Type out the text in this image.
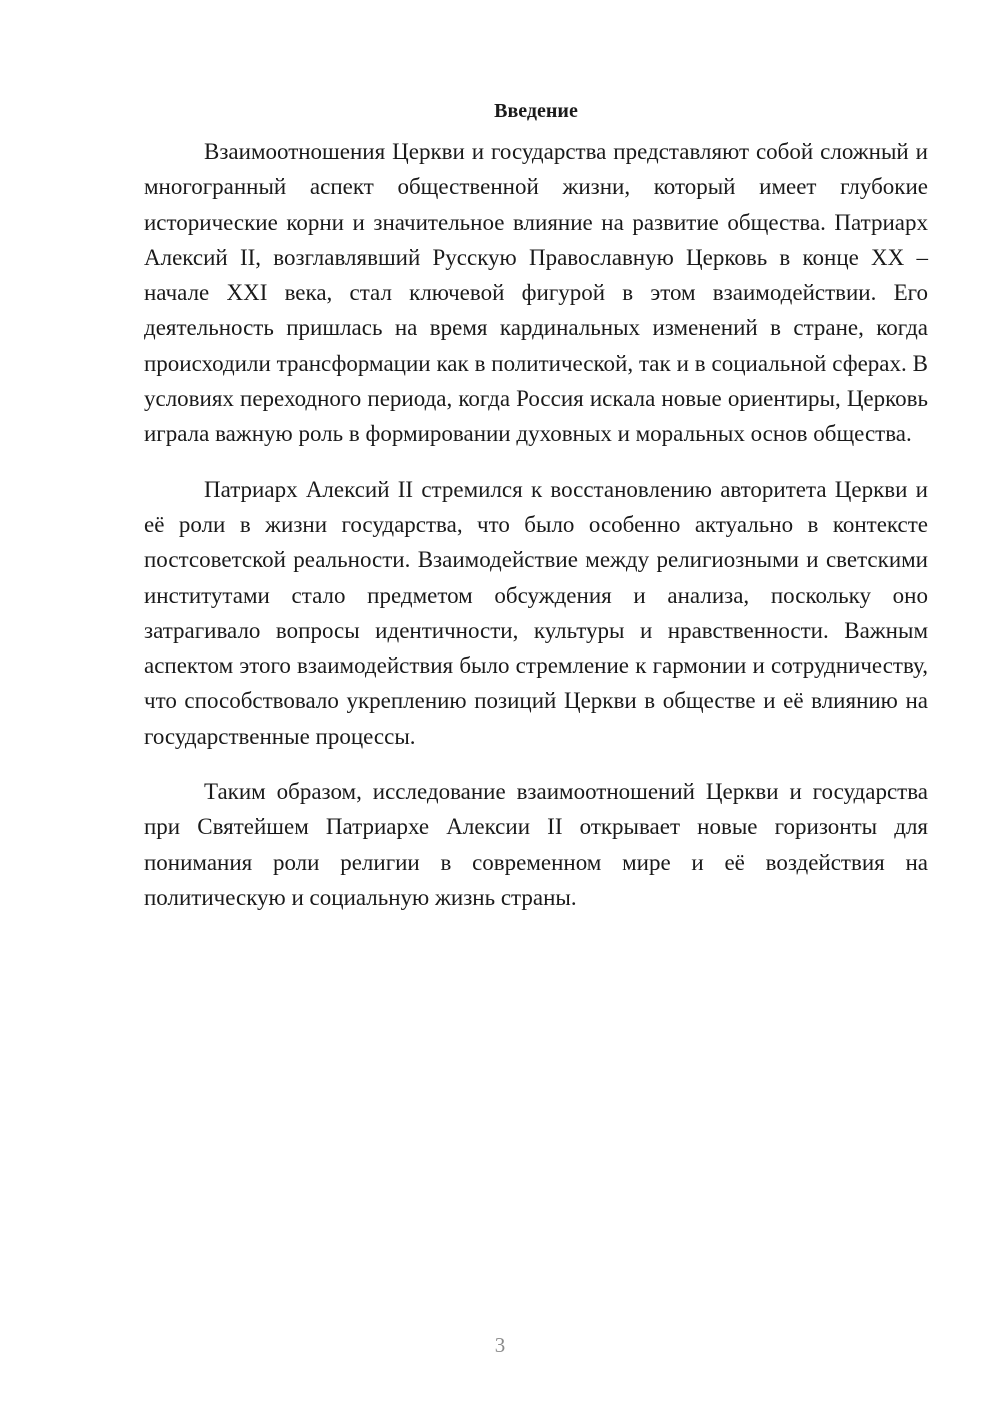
Введение

Взаимоотношения Церкви и государства представляют собой сложный и многогранный аспект общественной жизни, который имеет глубокие исторические корни и значительное влияние на развитие общества. Патриарх Алексий II, возглавлявший Русскую Православную Церковь в конце XX – начале XXI века, стал ключевой фигурой в этом взаимодействии. Его деятельность пришлась на время кардинальных изменений в стране, когда происходили трансформации как в политической, так и в социальной сферах. В условиях переходного периода, когда Россия искала новые ориентиры, Церковь играла важную роль в формировании духовных и моральных основ общества.

Патриарх Алексий II стремился к восстановлению авторитета Церкви и её роли в жизни государства, что было особенно актуально в контексте постсоветской реальности. Взаимодействие между религиозными и светскими институтами стало предметом обсуждения и анализа, поскольку оно затрагивало вопросы идентичности, культуры и нравственности. Важным аспектом этого взаимодействия было стремление к гармонии и сотрудничеству, что способствовало укреплению позиций Церкви в обществе и её влиянию на государственные процессы.

Таким образом, исследование взаимоотношений Церкви и государства при Святейшем Патриархе Алексии II открывает новые горизонты для понимания роли религии в современном мире и её воздействия на политическую и социальную жизнь страны.

3
